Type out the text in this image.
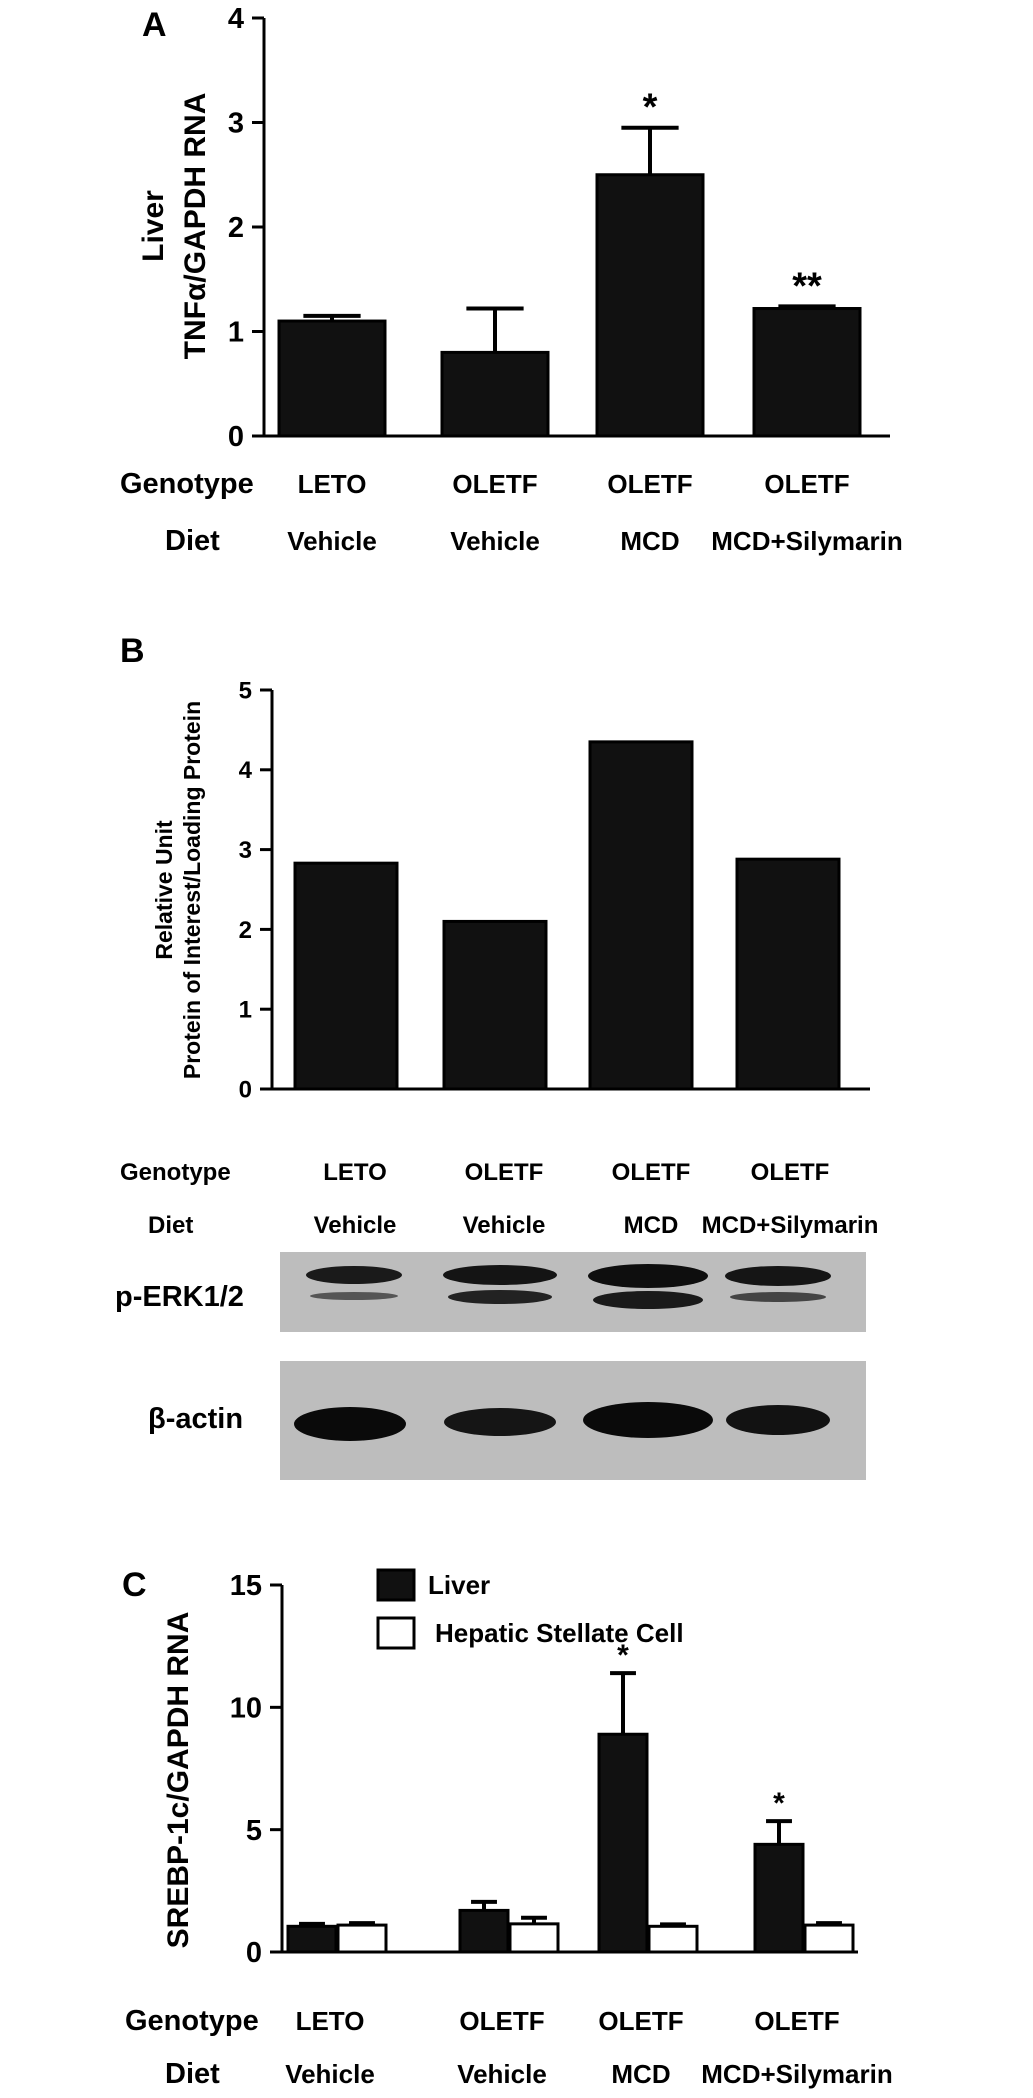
A
Liver TNFα/GAPDH RNA
0
1
2
3
4
*
**
Genotype
Diet
LETO
Vehicle
OLETF
Vehicle
OLETF
MCD
OLETF
MCD+Silymarin
B
Relative Unit Protein of Interest/Loading Protein
0
1
2
3
4
5
Genotype
Diet
LETO
Vehicle
OLETF
Vehicle
OLETF
MCD
OLETF
MCD+Silymarin
p-ERK1/2
β-actin
C
SREBP-1c/GAPDH RNA
0
5
10
15	Liver
Hepatic Stellate Cell
*
*
Genotype
Diet
LETO
Vehicle
OLETF
Vehicle
OLETF
MCD
OLETF
MCD+Silymarin
